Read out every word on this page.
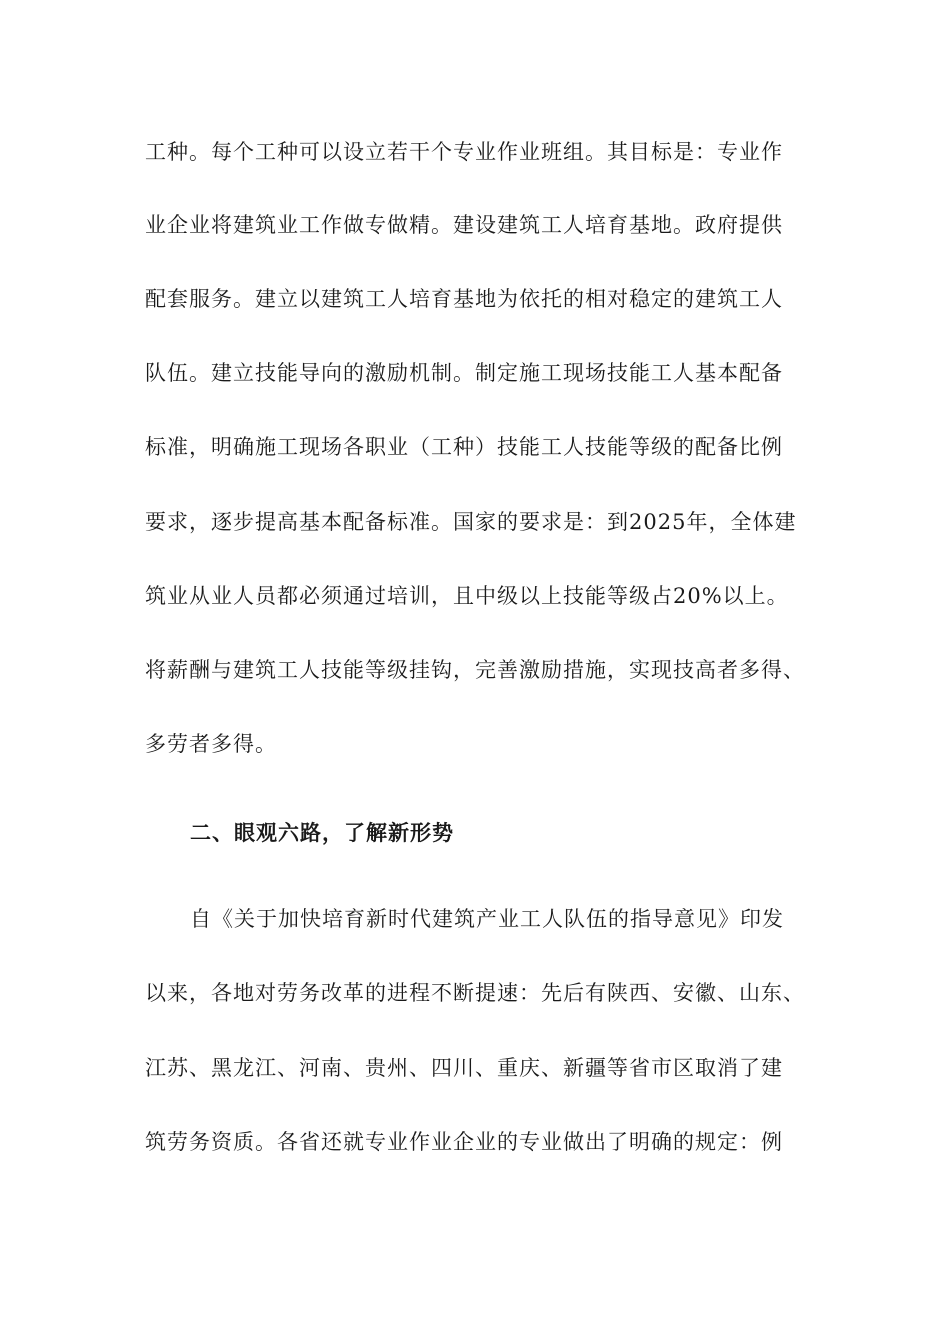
工种。每个工种可以设立若干个专业作业班组。其目标是：专业作
业企业将建筑业工作做专做精。建设建筑工人培育基地。政府提供
配套服务。建立以建筑工人培育基地为依托的相对稳定的建筑工人
队伍。建立技能导向的激励机制。制定施工现场技能工人基本配备
标准，明确施工现场各职业（工种）技能工人技能等级的配备比例
要求，逐步提高基本配备标准。国家的要求是：到2025年，全体建
筑业从业人员都必须通过培训，且中级以上技能等级占20%以上。
将薪酬与建筑工人技能等级挂钩，完善激励措施，实现技高者多得、
多劳者多得。
二、眼观六路，了解新形势
自《关于加快培育新时代建筑产业工人队伍的指导意见》印发
以来，各地对劳务改革的进程不断提速：先后有陕西、安徽、山东、
江苏、黑龙江、河南、贵州、四川、重庆、新疆等省市区取消了建
筑劳务资质。各省还就专业作业企业的专业做出了明确的规定：例
